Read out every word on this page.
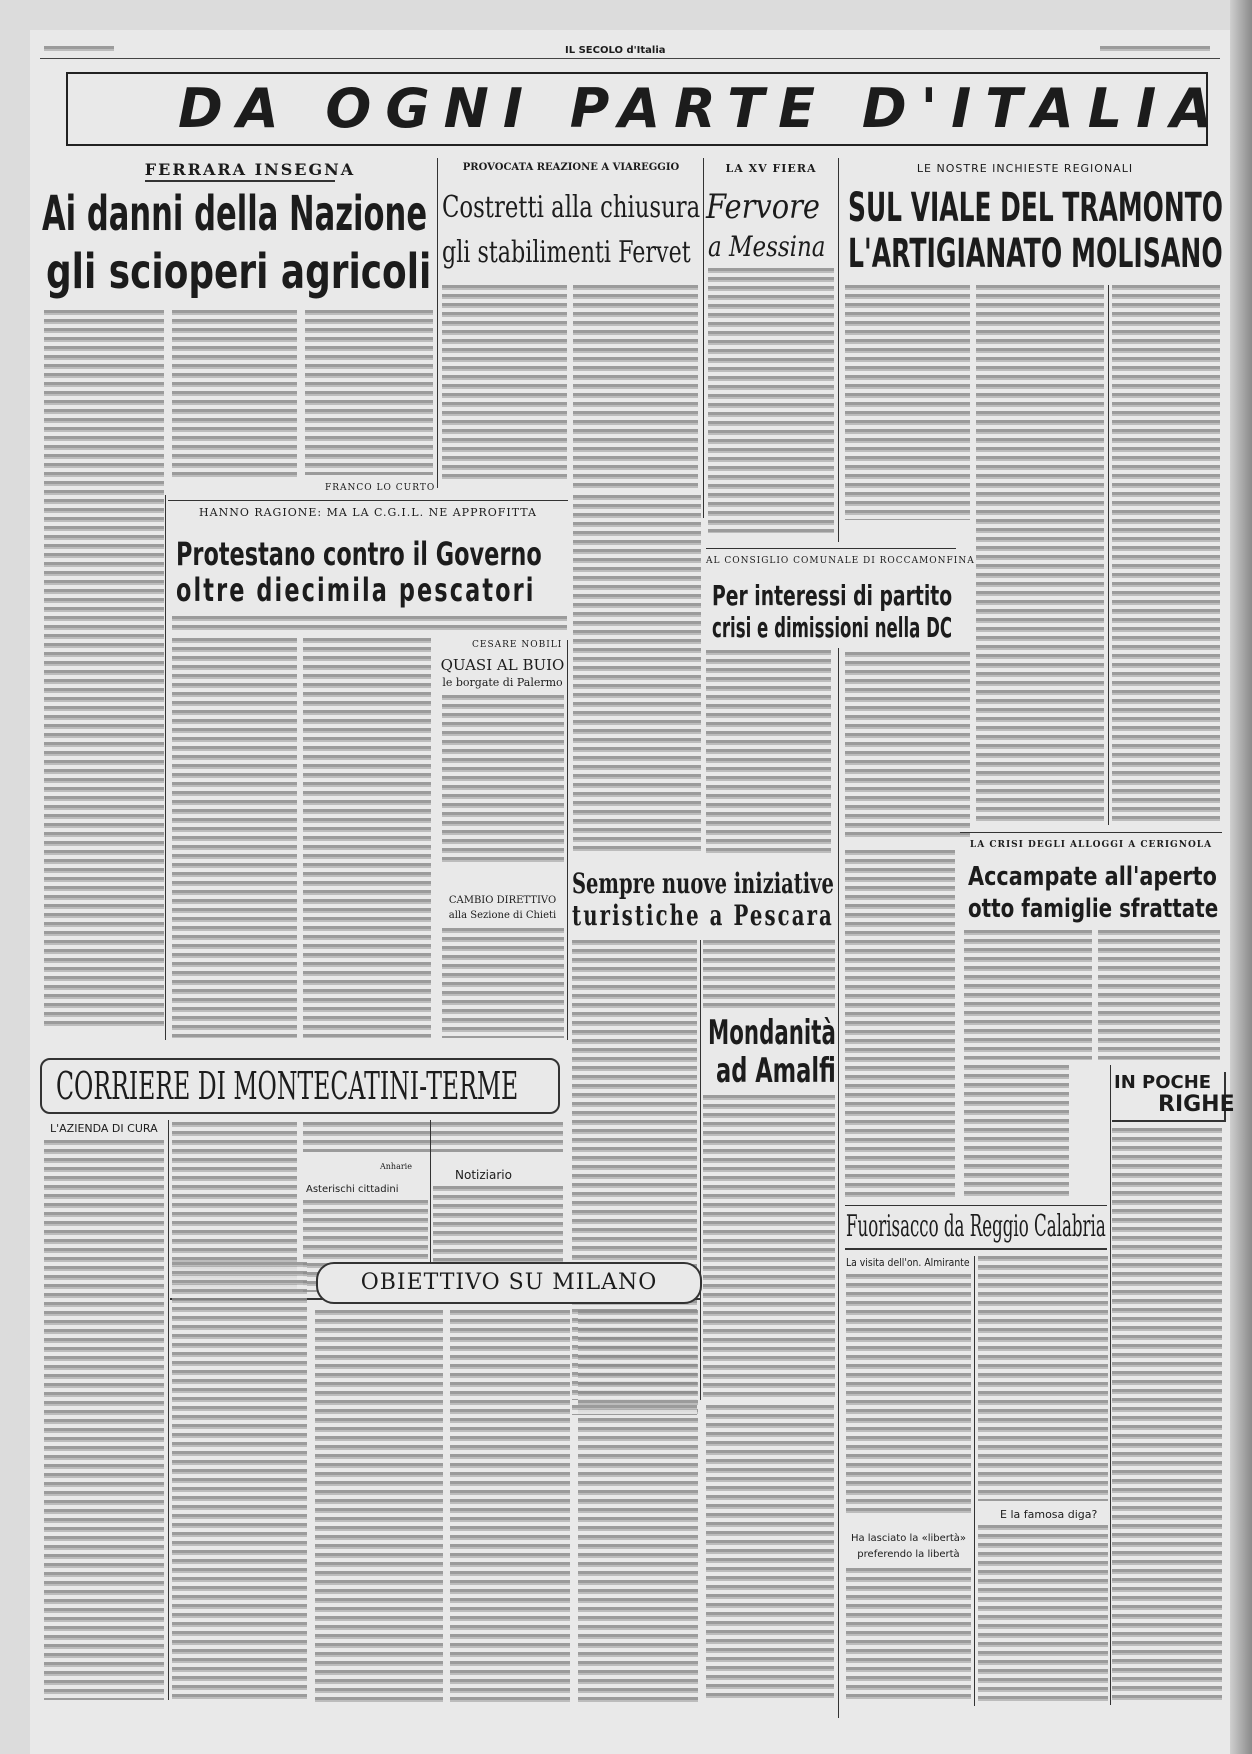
IL SECOLO d'Italia
DA OGNI PARTE D'ITALIA
FERRARA INSEGNA	PROVOCATA REAZIONE A VIAREGGIO	LA XV FIERA	LE NOSTRE INCHIESTE REGIONALI
Ai danni della Nazione
gli scioperi agricoli
FRANCO LO CURTO
Costretti alla chiusura
gli stabilimenti Fervet
Fervore
a Messina
SUL VIALE DEL TRAMONTO
L'ARTIGIANATO MOLISANO
HANNO RAGIONE: MA LA C.G.I.L. NE APPROFITTA
Protestano contro il Governo
oltre diecimila pescatori
CESARE NOBILI
QUASI AL BUIO
le borgate di Palermo
CAMBIO DIRETTIVO
alla Sezione di Chieti
AL CONSIGLIO COMUNALE DI ROCCAMONFINA
Per interessi di partito
crisi e dimissioni nella DC
LA CRISI DEGLI ALLOGGI A CERIGNOLA
Accampate all'aperto
otto famiglie sfrattate
Sempre nuove iniziative
turistiche a Pescara
Mondanità
ad Amalfi
CORRIERE DI MONTECATINI-TERME
L'AZIENDA DI CURA
Anharie
Asterischi cittadini
Notiziario
OBIETTIVO SU MILANO
IN POCHE
RIGHE
Fuorisacco da Reggio Calabria
La visita dell'on. Almirante
E la famosa diga?
Ha lasciato la «libertà»
preferendo la libertà
